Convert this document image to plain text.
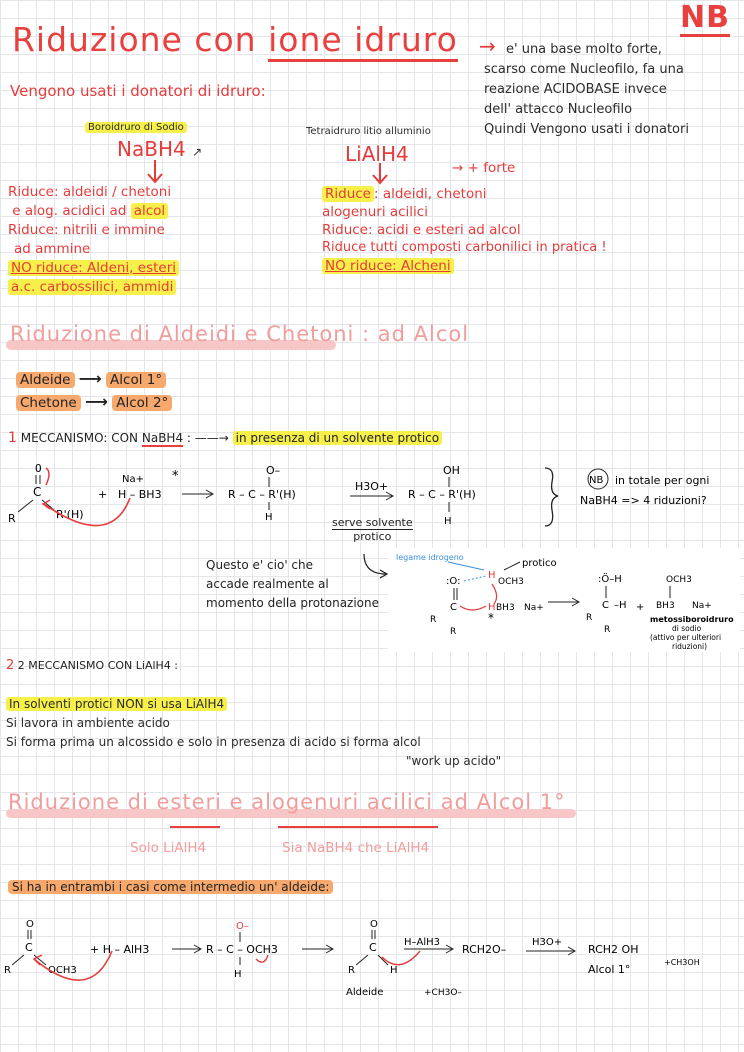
Riduzione con ione idruro →
NB
e' una base molto forte,
scarso come Nucleofilo, fa una
reazione ACIDOBASE invece
dell' attacco Nucleofilo
Quindi Vengono usati i donatori
Vengono usati i donatori di idruro:
Boroidruro di Sodio
NaBH4 ↗
Riduce: aldeidi / chetoni
e alog. acidici ad alcol
Riduce: nitrili e immine
ad ammine
NO riduce: Aldeni, esteri
a.c. carbossilici, ammidi
Tetraidruro litio alluminio
LiAlH4
→ + forte
Riduce : aldeidi, chetoni
alogenuri acilici
Riduce: acidi e esteri ad alcol
Riduce tutti composti carbonilici in pratica !
NO riduce: Alcheni
Riduzione di Aldeidi e Chetoni : ad Alcol
Aldeide ⟶ Alcol 1°
Chetone ⟶ Alcol 2°
1 MECCANISMO: CON NaBH4 : ——→ in presenza di un solvente protico
O
C
R	R'(H)
+
Na+
H – BH3
*	O–
R – C – R'(H)
H
H3O+
OH
R – C – R'(H)
H
NB in totale per ogni
NaBH4 => 4 riduzioni?
serve solvente
protico
Questo e' cio' che
accade realmente al
momento della protonazione
legame idrogeno
protico
:O:
H
OCH3
C
R
R
H BH3 Na+
*
:Ö–H
C –H
R
R
+
OCH3
BH3 Na+
metossiboroidruro
di sodio
(attivo per ulteriori
riduzioni)
2 2 MECCANISMO CON LiAlH4 :
In solventi protici NON si usa LiAlH4
Si lavora in ambiente acido
Si forma prima un alcossido e solo in presenza di acido si forma alcol
"work up acido"
Riduzione di esteri e alogenuri acilici ad Alcol 1°
Solo LiAlH4	Sia NaBH4 che LiAlH4
Si ha in entrambi i casi come intermedio un' aldeide:
O
C
R	OCH3
+ H – AlH3
O–
R – C – OCH3
H
O
C
R	H
Aldeide	+CH3O–
H–AlH3
RCH2O–
H3O+
RCH2 OH
Alcol 1°
+CH3OH
